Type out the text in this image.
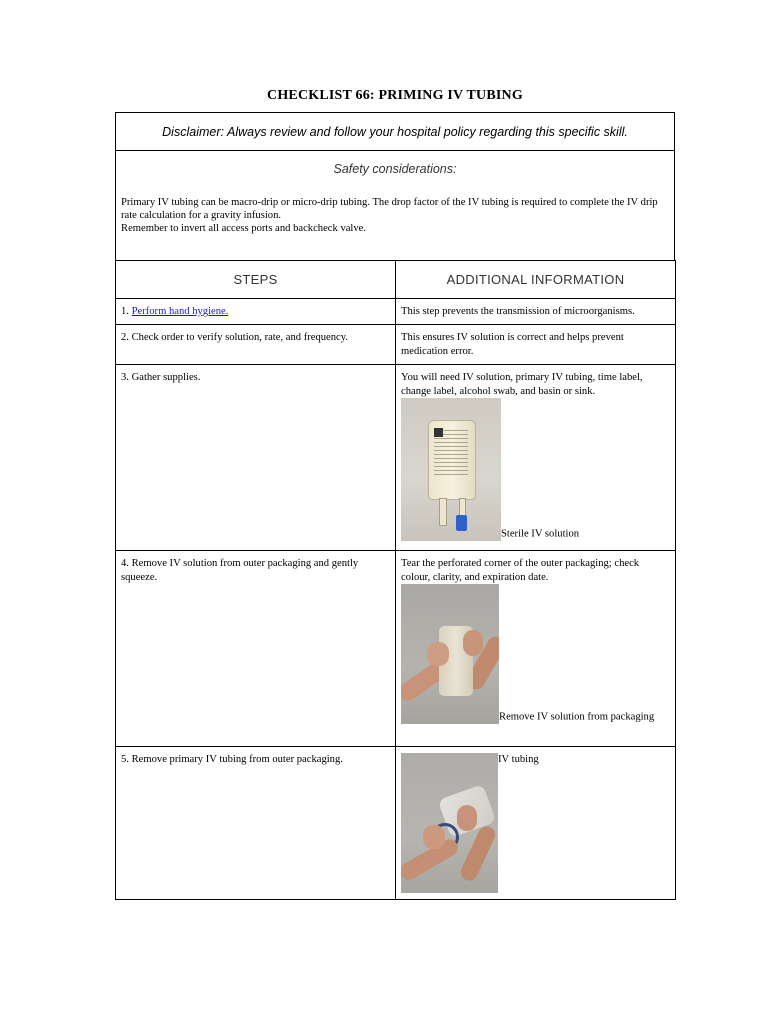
CHECKLIST 66: PRIMING IV TUBING
Disclaimer: Always review and follow your hospital policy regarding this specific skill.
Safety considerations:

Primary IV tubing can be macro-drip or micro-drip tubing. The drop factor of the IV tubing is required to complete the IV drip rate calculation for a gravity infusion.

Remember to invert all access ports and backcheck valve.

STEPS	ADDITIONAL INFORMATION

1. Perform hand hygiene.	This step prevents the transmission of microorganisms.

2. Check order to verify solution, rate, and frequency.	This ensures IV solution is correct and helps prevent medication error.

3. Gather supplies.	You will need IV solution, primary IV tubing, time label, change label, alcohol swab, and basin or sink.
Sterile IV solution

4. Remove IV solution from outer packaging and gently squeeze.	Tear the perforated corner of the outer packaging; check colour, clarity, and expiration date.
Remove IV solution from packaging

5. Remove primary IV tubing from outer packaging.	IV tubing
